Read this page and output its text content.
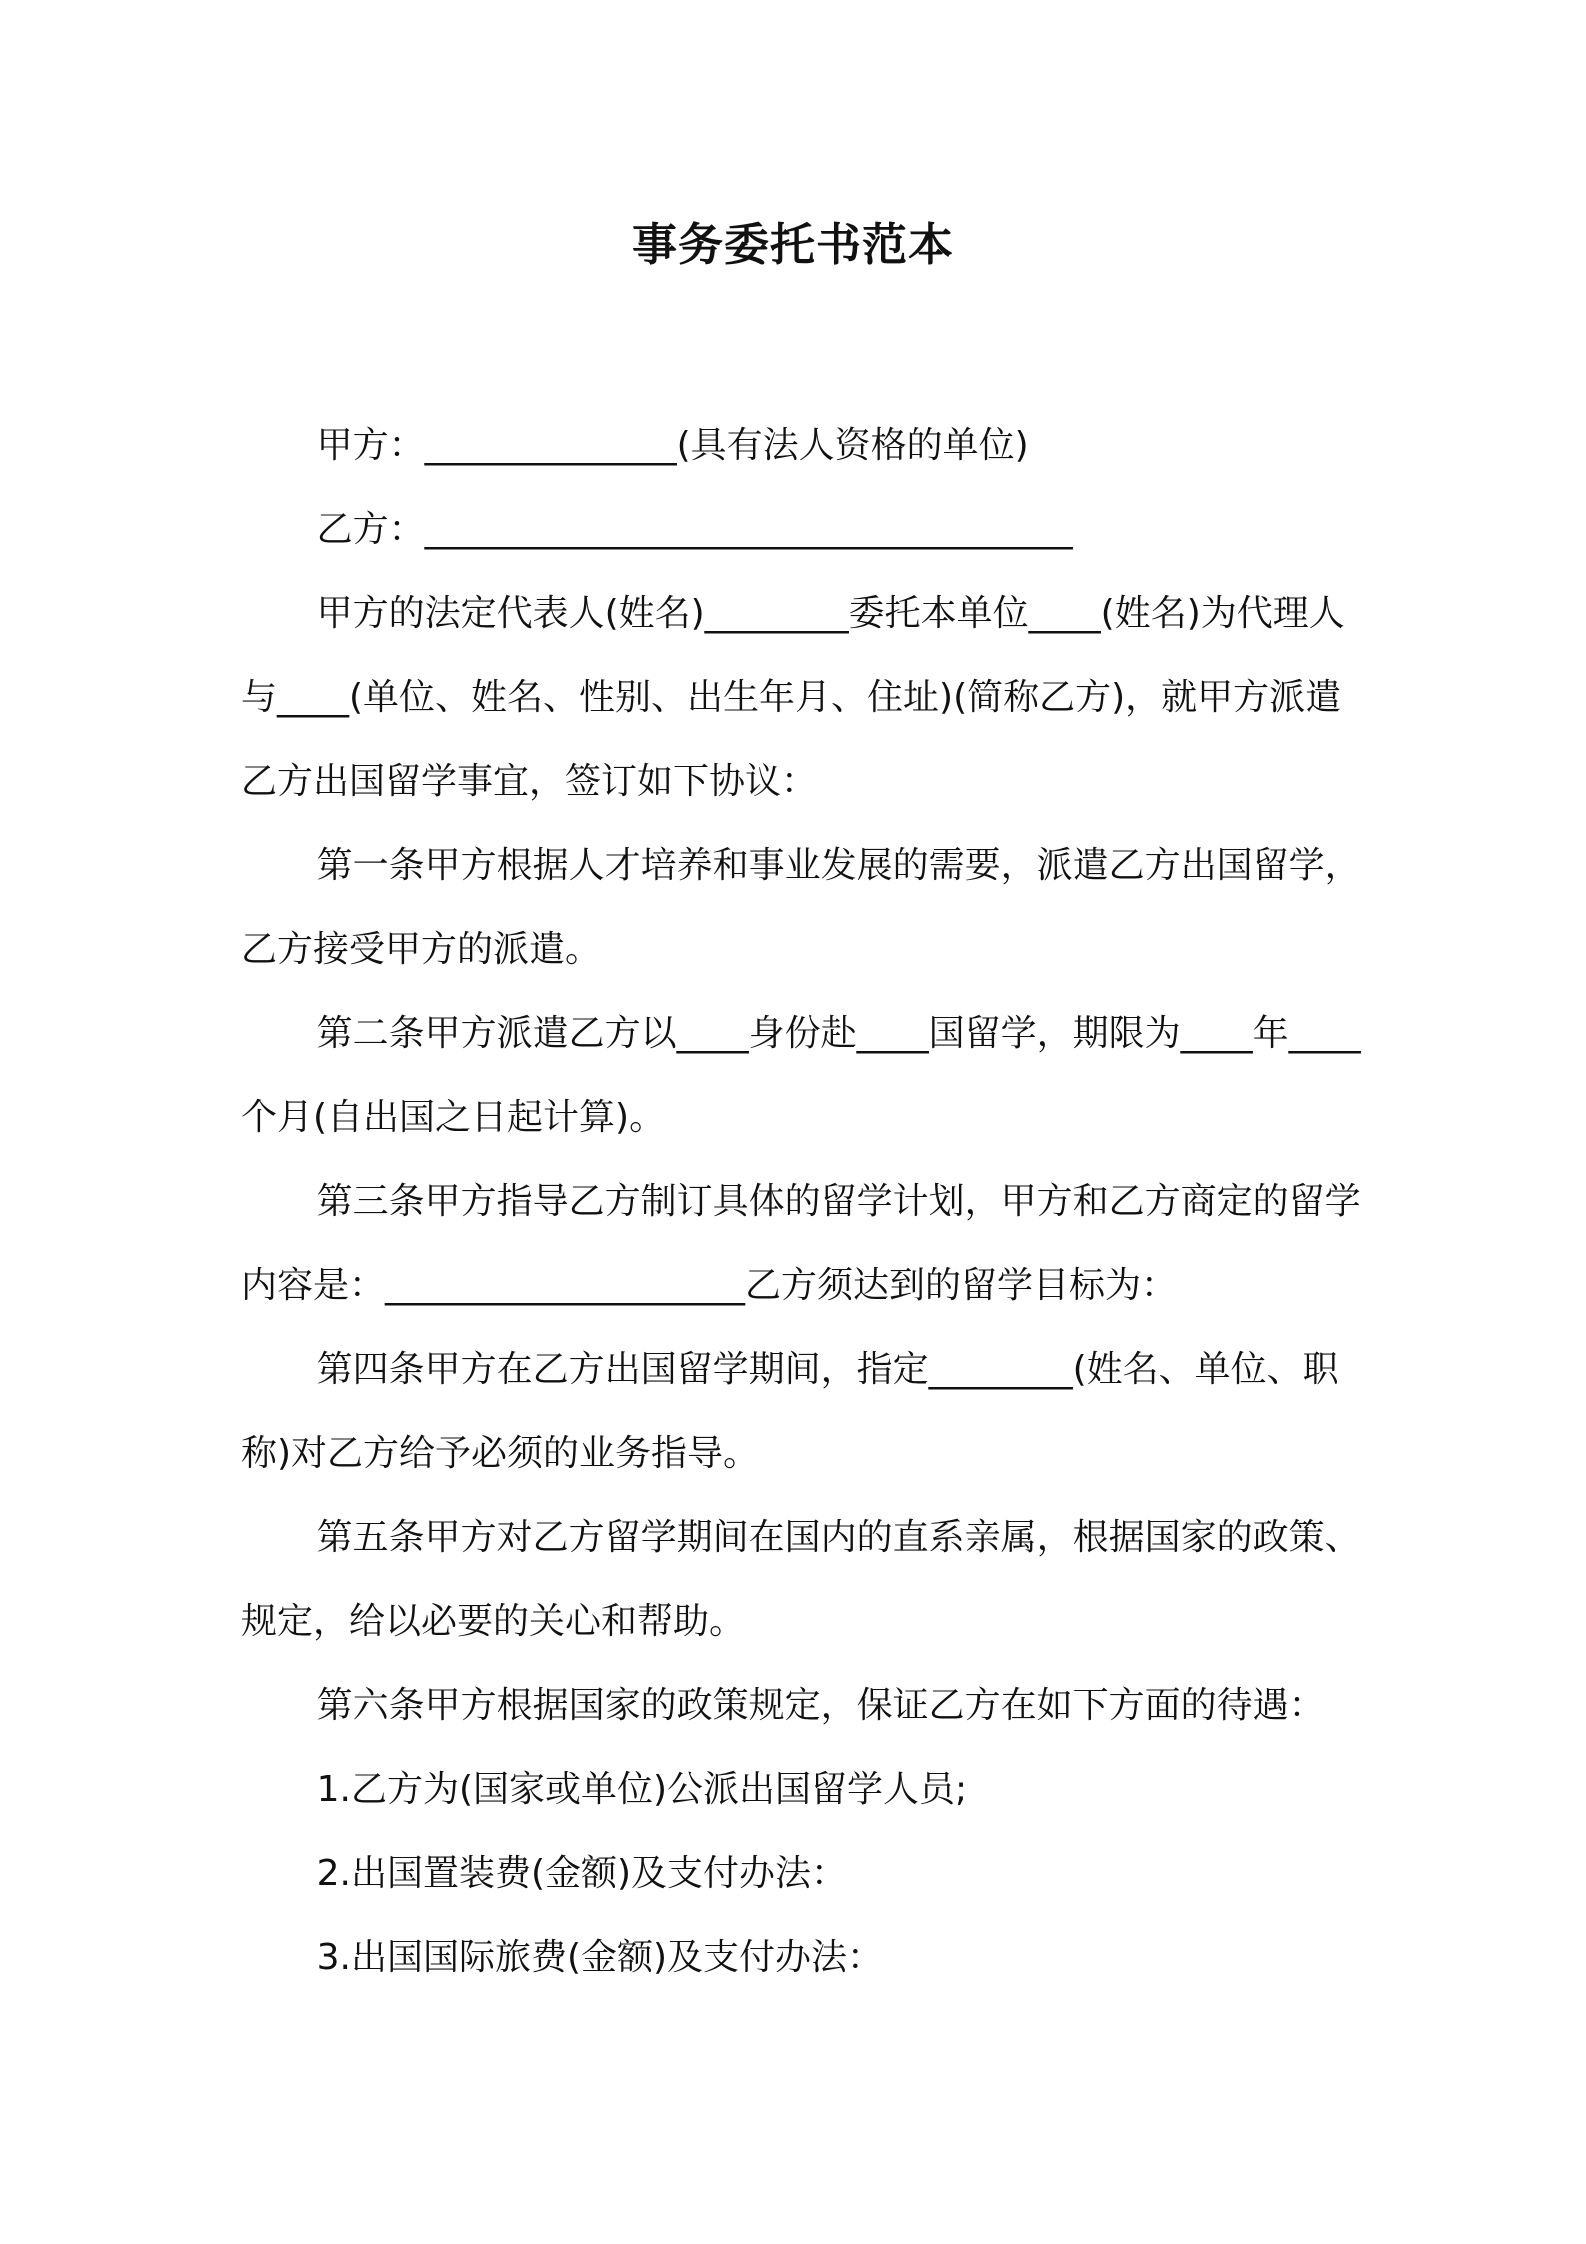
事务委托书范本

甲方：______________(具有法人资格的单位)

乙方：____________________________________

甲方的法定代表人(姓名)________委托本单位____(姓名)为代理人与____(单位、姓名、性别、出生年月、住址)(简称乙方)，就甲方派遣乙方出国留学事宜，签订如下协议：

第一条甲方根据人才培养和事业发展的需要，派遣乙方出国留学，乙方接受甲方的派遣。

第二条甲方派遣乙方以____身份赴____国留学，期限为____年____个月(自出国之日起计算)。

第三条甲方指导乙方制订具体的留学计划，甲方和乙方商定的留学内容是：____________________乙方须达到的留学目标为：

第四条甲方在乙方出国留学期间，指定________(姓名、单位、职称)对乙方给予必须的业务指导。

第五条甲方对乙方留学期间在国内的直系亲属，根据国家的政策、规定，给以必要的关心和帮助。

第六条甲方根据国家的政策规定，保证乙方在如下方面的待遇：

1.乙方为(国家或单位)公派出国留学人员;

2.出国置装费(金额)及支付办法：

3.出国国际旅费(金额)及支付办法：
